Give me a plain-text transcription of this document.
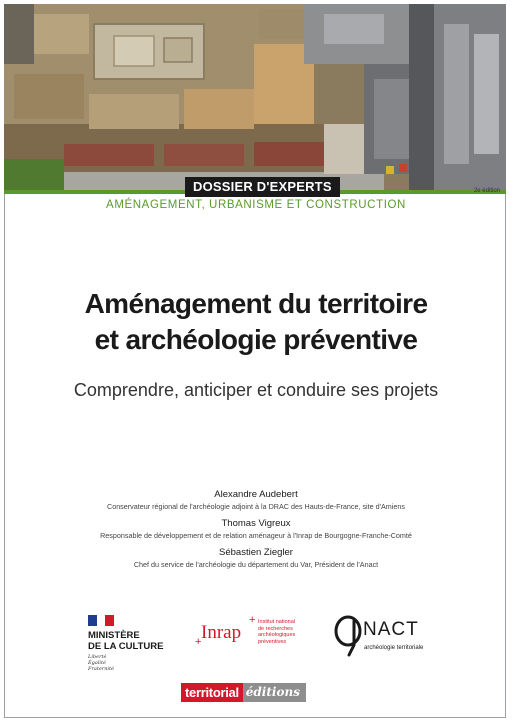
DOSSIER D'EXPERTS	2e édition
AMÉNAGEMENT, URBANISME ET CONSTRUCTION
Aménagement du territoire
et archéologie préventive
Comprendre, anticiper et conduire ses projets
Alexandre Audebert
Conservateur régional de l'archéologie adjoint à la DRAC des Hauts-de-France, site d'Amiens
Thomas Vigreux
Responsable de développement et de relation aménageur à l'Inrap de Bourgogne-Franche-Comté
Sébastien Ziegler
Chef du service de l'archéologie du département du Var, Président de l'Anact
MINISTÈRE
DE LA CULTURE
Liberté
Égalité
Fraternité
+
Inrap
+
Institut national
de recherches
archéologiques
préventives
NACT
archéologie territoriale
territorial éditions
